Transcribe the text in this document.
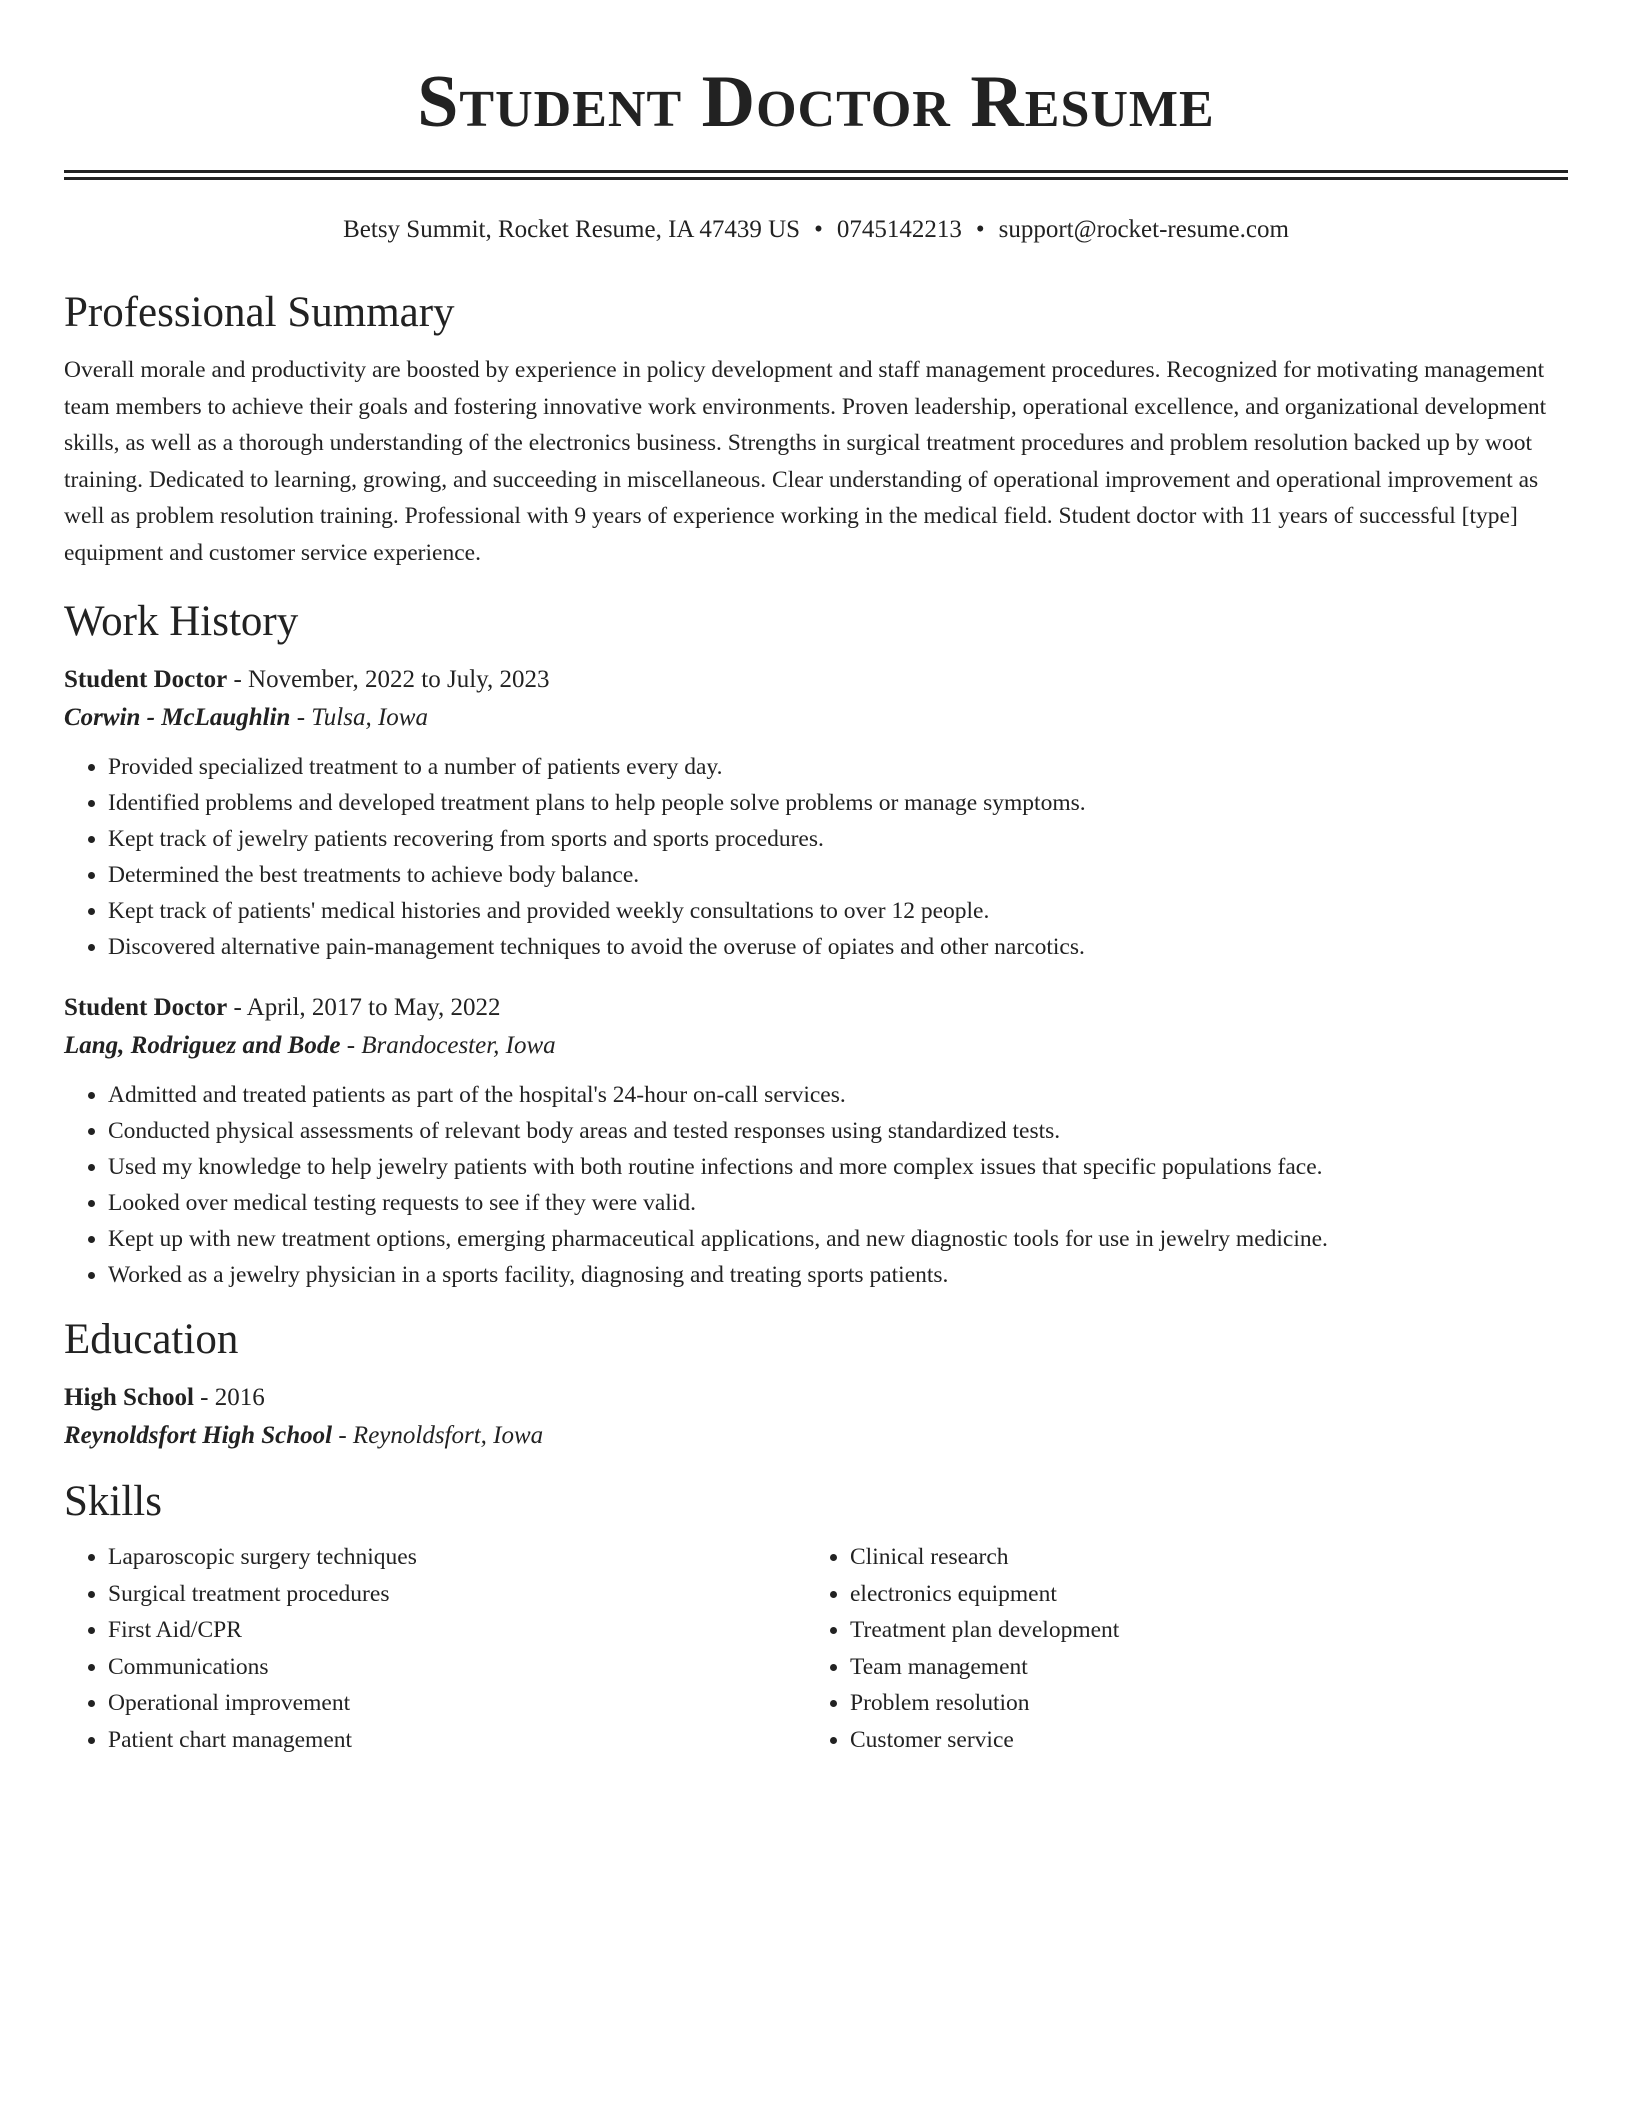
Student Doctor Resume
Betsy Summit, Rocket Resume, IA 47439 US • 0745142213 • support@rocket-resume.com
Professional Summary
Overall morale and productivity are boosted by experience in policy development and staff management procedures. Recognized for motivating management team members to achieve their goals and fostering innovative work environments. Proven leadership, operational excellence, and organizational development skills, as well as a thorough understanding of the electronics business. Strengths in surgical treatment procedures and problem resolution backed up by woot training. Dedicated to learning, growing, and succeeding in miscellaneous. Clear understanding of operational improvement and operational improvement as well as problem resolution training. Professional with 9 years of experience working in the medical field. Student doctor with 11 years of successful [type] equipment and customer service experience.
Work History
Student Doctor - November, 2022 to July, 2023
Corwin - McLaughlin - Tulsa, Iowa
• Provided specialized treatment to a number of patients every day.
• Identified problems and developed treatment plans to help people solve problems or manage symptoms.
• Kept track of jewelry patients recovering from sports and sports procedures.
• Determined the best treatments to achieve body balance.
• Kept track of patients' medical histories and provided weekly consultations to over 12 people.
• Discovered alternative pain-management techniques to avoid the overuse of opiates and other narcotics.
Student Doctor - April, 2017 to May, 2022
Lang, Rodriguez and Bode - Brandocester, Iowa
• Admitted and treated patients as part of the hospital's 24-hour on-call services.
• Conducted physical assessments of relevant body areas and tested responses using standardized tests.
• Used my knowledge to help jewelry patients with both routine infections and more complex issues that specific populations face.
• Looked over medical testing requests to see if they were valid.
• Kept up with new treatment options, emerging pharmaceutical applications, and new diagnostic tools for use in jewelry medicine.
• Worked as a jewelry physician in a sports facility, diagnosing and treating sports patients.
Education
High School - 2016
Reynoldsfort High School - Reynoldsfort, Iowa
Skills
• Laparoscopic surgery techniques
• Surgical treatment procedures
• First Aid/CPR
• Communications
• Operational improvement
• Patient chart management
• Clinical research
• electronics equipment
• Treatment plan development
• Team management
• Problem resolution
• Customer service
